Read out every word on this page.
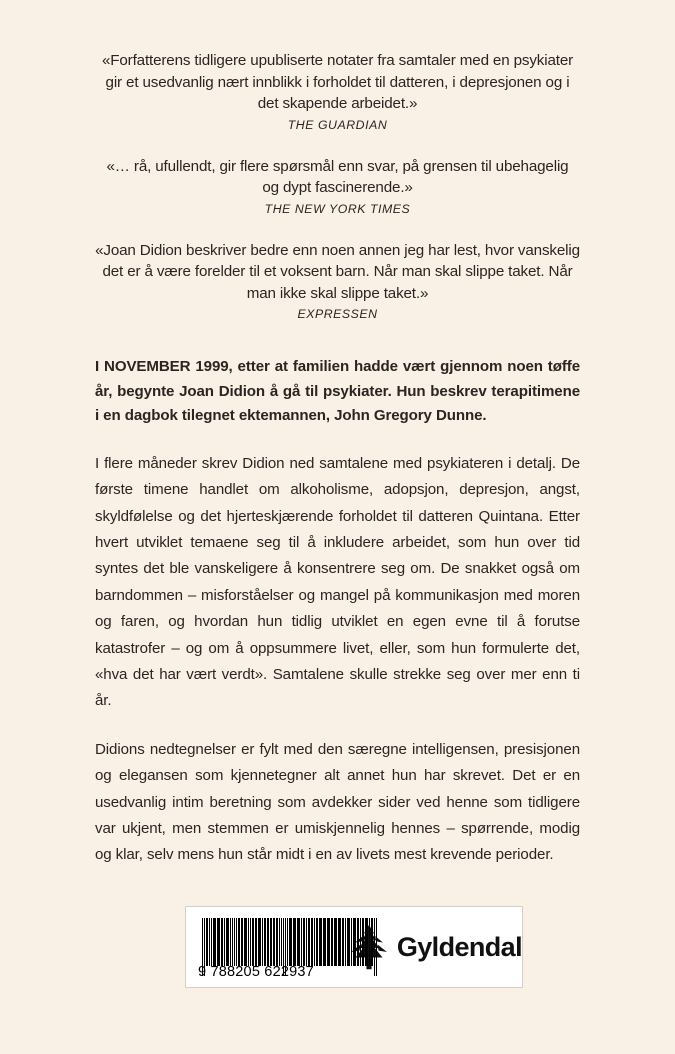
«Forfatterens tidligere upubliserte notater fra samtaler med en psykiater gir et usedvanlig nært innblikk i forholdet til datteren, i depresjonen og i det skapende arbeidet.»

THE GUARDIAN

«… rå, ufullendt, gir flere spørsmål enn svar, på grensen til ubehagelig og dypt fascinerende.»

THE NEW YORK TIMES

«Joan Didion beskriver bedre enn noen annen jeg har lest, hvor vanskelig det er å være forelder til et voksent barn. Når man skal slippe taket. Når man ikke skal slippe taket.»

EXPRESSEN

I NOVEMBER 1999, etter at familien hadde vært gjennom noen tøffe år, begynte Joan Didion å gå til psykiater. Hun beskrev terapitimene i en dagbok tilegnet ektemannen, John Gregory Dunne.

I flere måneder skrev Didion ned samtalene med psykiateren i detalj. De første timene handlet om alkoholisme, adopsjon, depresjon, angst, skyldfølelse og det hjerteskjærende forholdet til datteren Quintana. Etter hvert utviklet temaene seg til å inkludere arbeidet, som hun over tid syntes det ble vanskeligere å konsentrere seg om. De snakket også om barndommen – misforståelser og mangel på kommunikasjon med moren og faren, og hvordan hun tidlig utviklet en egen evne til å forutse katastrofer – og om å oppsummere livet, eller, som hun formulerte det, «hva det har vært verdt». Samtalene skulle strekke seg over mer enn ti år.

Didions nedtegnelser er fylt med den særegne intelligensen, presisjonen og elegansen som kjennetegner alt annet hun har skrevet. Det er en usedvanlig intim beretning som avdekker sider ved henne som tidligere var ukjent, men stemmen er umiskjennelig hennes – spørrende, modig og klar, selv mens hun står midt i en av livets mest krevende perioder.

9 788205 622937
Gyldendal
